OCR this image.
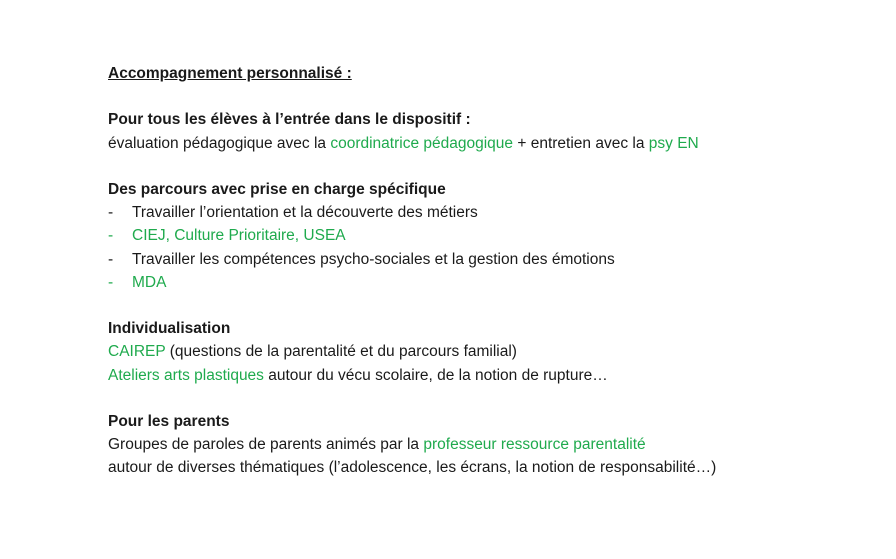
Accompagnement personnalisé :
Pour tous les élèves à l’entrée dans le dispositif :
évaluation pédagogique avec la coordinatrice pédagogique + entretien avec la psy EN
Des parcours avec prise en charge spécifique
- Travailler l’orientation et la découverte des métiers
- CIEJ, Culture Prioritaire, USEA
- Travailler les compétences psycho-sociales et la gestion des émotions
- MDA
Individualisation
CAIREP (questions de la parentalité et du parcours familial)
Ateliers arts plastiques autour du vécu scolaire, de la notion de rupture…
Pour les parents
Groupes de paroles de parents animés par la professeur ressource parentalité
autour de diverses thématiques (l’adolescence, les écrans, la notion de responsabilité…)
